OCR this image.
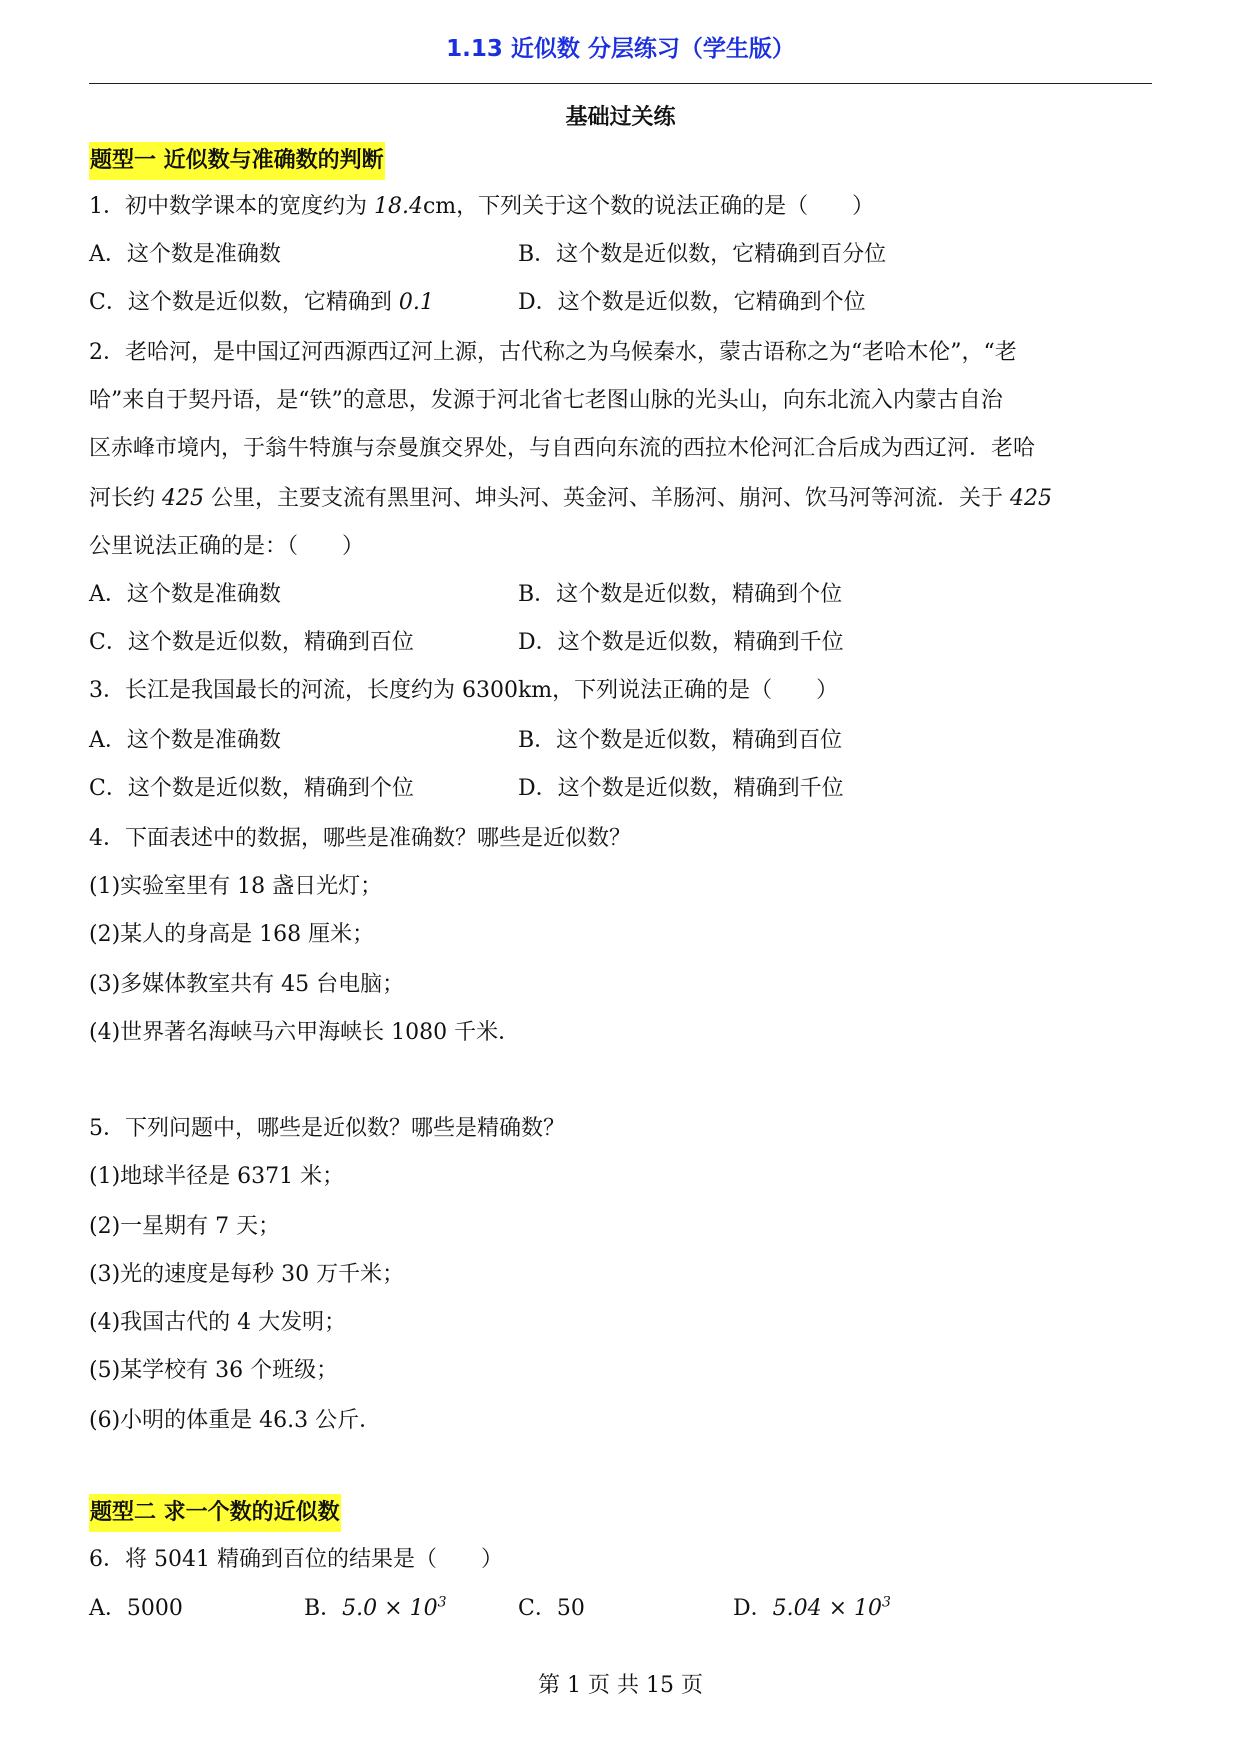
1.13 近似数 分层练习（学生版）
基础过关练
题型一 近似数与准确数的判断
1．初中数学课本的宽度约为 18.4cm，下列关于这个数的说法正确的是（　　）
A．这个数是准确数	B．这个数是近似数，它精确到百分位
C．这个数是近似数，它精确到 0.1	D．这个数是近似数，它精确到个位
2．老哈河，是中国辽河西源西辽河上源，古代称之为乌候秦水，蒙古语称之为“老哈木伦”，“老
哈”来自于契丹语，是“铁”的意思，发源于河北省七老图山脉的光头山，向东北流入内蒙古自治
区赤峰市境内，于翁牛特旗与奈曼旗交界处，与自西向东流的西拉木伦河汇合后成为西辽河．老哈
河长约 425 公里，主要支流有黑里河、坤头河、英金河、羊肠河、崩河、饮马河等河流．关于 425
公里说法正确的是：（　　）
A．这个数是准确数	B．这个数是近似数，精确到个位
C．这个数是近似数，精确到百位	D．这个数是近似数，精确到千位
3．长江是我国最长的河流，长度约为 6300km，下列说法正确的是（　　）
A．这个数是准确数	B．这个数是近似数，精确到百位
C．这个数是近似数，精确到个位	D．这个数是近似数，精确到千位
4．下面表述中的数据，哪些是准确数？哪些是近似数？
(1)实验室里有 18 盏日光灯；
(2)某人的身高是 168 厘米；
(3)多媒体教室共有 45 台电脑；
(4)世界著名海峡马六甲海峡长 1080 千米．
5．下列问题中，哪些是近似数？哪些是精确数？
(1)地球半径是 6371 米；
(2)一星期有 7 天；
(3)光的速度是每秒 30 万千米；
(4)我国古代的 4 大发明；
(5)某学校有 36 个班级；
(6)小明的体重是 46.3 公斤．
题型二 求一个数的近似数
6．将 5041 精确到百位的结果是（　　）
A．5000	B．$5.0 \times 10^3$	C．50	D．$5.04 \times 10^3$
第 1 页 共 15 页
